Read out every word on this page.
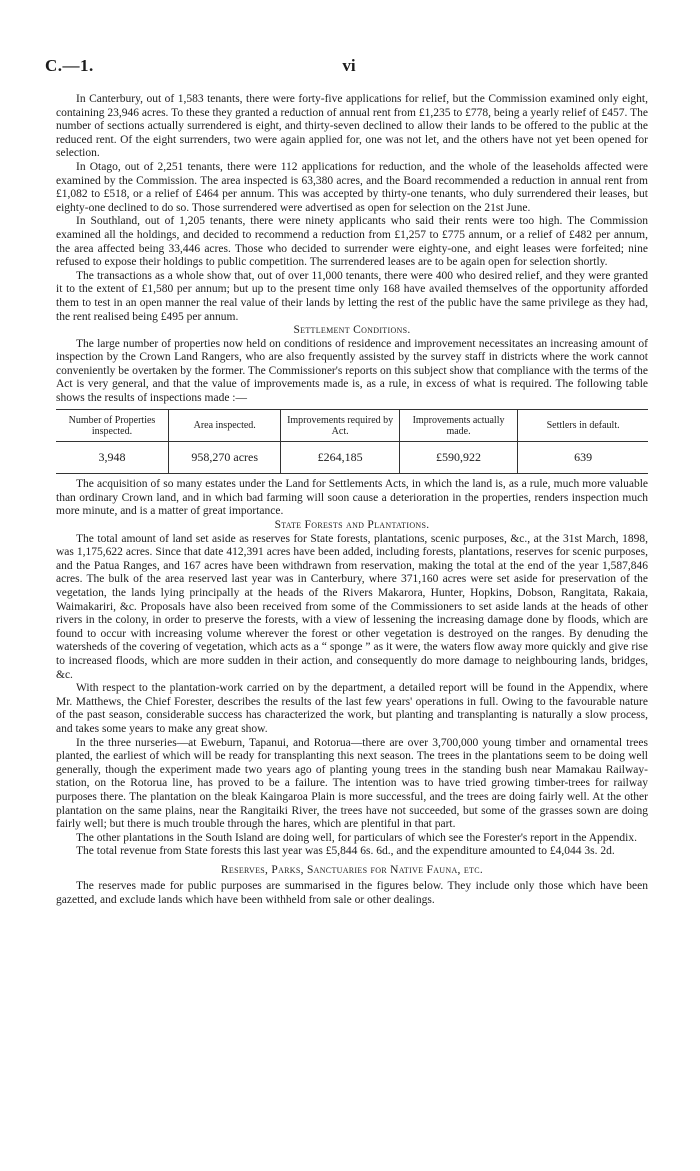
C.—1.	vi

In Canterbury, out of 1,583 tenants, there were forty-five applications for relief, but the Commission examined only eight, containing 23,946 acres. To these they granted a reduction of annual rent from £1,235 to £778, being a yearly relief of £457. The number of sections actually surrendered is eight, and thirty-seven declined to allow their lands to be offered to the public at the reduced rent. Of the eight surrenders, two were again applied for, one was not let, and the others have not yet been opened for selection.

In Otago, out of 2,251 tenants, there were 112 applications for reduction, and the whole of the leaseholds affected were examined by the Commission. The area inspected is 63,380 acres, and the Board recommended a reduction in annual rent from £1,082 to £518, or a relief of £464 per annum. This was accepted by thirty-one tenants, who duly surrendered their leases, but eighty-one declined to do so. Those surrendered were advertised as open for selection on the 21st June.

In Southland, out of 1,205 tenants, there were ninety applicants who said their rents were too high. The Commission examined all the holdings, and decided to recommend a reduction from £1,257 to £775 annum, or a relief of £482 per annum, the area affected being 33,446 acres. Those who decided to surrender were eighty-one, and eight leases were forfeited; nine refused to expose their holdings to public competition. The surrendered leases are to be again open for selection shortly.

The transactions as a whole show that, out of over 11,000 tenants, there were 400 who desired relief, and they were granted it to the extent of £1,580 per annum; but up to the present time only 168 have availed themselves of the opportunity afforded them to test in an open manner the real value of their lands by letting the rest of the public have the same privilege as they had, the rent realised being £495 per annum.

Settlement Conditions.

The large number of properties now held on conditions of residence and improvement necessitates an increasing amount of inspection by the Crown Land Rangers, who are also frequently assisted by the survey staff in districts where the work cannot conveniently be overtaken by the former. The Commissioner's reports on this subject show that compliance with the terms of the Act is very general, and that the value of improvements made is, as a rule, in excess of what is required. The following table shows the results of inspections made :—

Number of Properties inspected.	Area inspected.	Improvements required by Act.	Improvements actually made.	Settlers in default.
3,948	958,270 acres	£264,185	£590,922	639

The acquisition of so many estates under the Land for Settlements Acts, in which the land is, as a rule, much more valuable than ordinary Crown land, and in which bad farming will soon cause a deterioration in the properties, renders inspection much more minute, and is a matter of great importance.

State Forests and Plantations.

The total amount of land set aside as reserves for State forests, plantations, scenic purposes, &c., at the 31st March, 1898, was 1,175,622 acres. Since that date 412,391 acres have been added, including forests, plantations, reserves for scenic purposes, and the Patua Ranges, and 167 acres have been withdrawn from reservation, making the total at the end of the year 1,587,846 acres. The bulk of the area reserved last year was in Canterbury, where 371,160 acres were set aside for preservation of the vegetation, the lands lying principally at the heads of the Rivers Makarora, Hunter, Hopkins, Dobson, Rangitata, Rakaia, Waimakariri, &c. Proposals have also been received from some of the Commissioners to set aside lands at the heads of other rivers in the colony, in order to preserve the forests, with a view of lessening the increasing damage done by floods, which are found to occur with increasing volume wherever the forest or other vegetation is destroyed on the ranges. By denuding the watersheds of the covering of vegetation, which acts as a “ sponge ” as it were, the waters flow away more quickly and give rise to increased floods, which are more sudden in their action, and consequently do more damage to neighbouring lands, bridges, &c.

With respect to the plantation-work carried on by the department, a detailed report will be found in the Appendix, where Mr. Matthews, the Chief Forester, describes the results of the last few years' operations in full. Owing to the favourable nature of the past season, considerable success has characterized the work, but planting and transplanting is naturally a slow process, and takes some years to make any great show.

In the three nurseries—at Eweburn, Tapanui, and Rotorua—there are over 3,700,000 young timber and ornamental trees planted, the earliest of which will be ready for transplanting this next season. The trees in the plantations seem to be doing well generally, though the experiment made two years ago of planting young trees in the standing bush near Mamakau Railway-station, on the Rotorua line, has proved to be a failure. The intention was to have tried growing timber-trees for railway purposes there. The plantation on the bleak Kaingaroa Plain is more successful, and the trees are doing fairly well. At the other plantation on the same plains, near the Rangitaiki River, the trees have not succeeded, but some of the grasses sown are doing fairly well; but there is much trouble through the hares, which are plentiful in that part.

The other plantations in the South Island are doing well, for particulars of which see the Forester's report in the Appendix.

The total revenue from State forests this last year was £5,844 6s. 6d., and the expenditure amounted to £4,044 3s. 2d.

Reserves, Parks, Sanctuaries for Native Fauna, etc.

The reserves made for public purposes are summarised in the figures below. They include only those which have been gazetted, and exclude lands which have been withheld from sale or other dealings.
